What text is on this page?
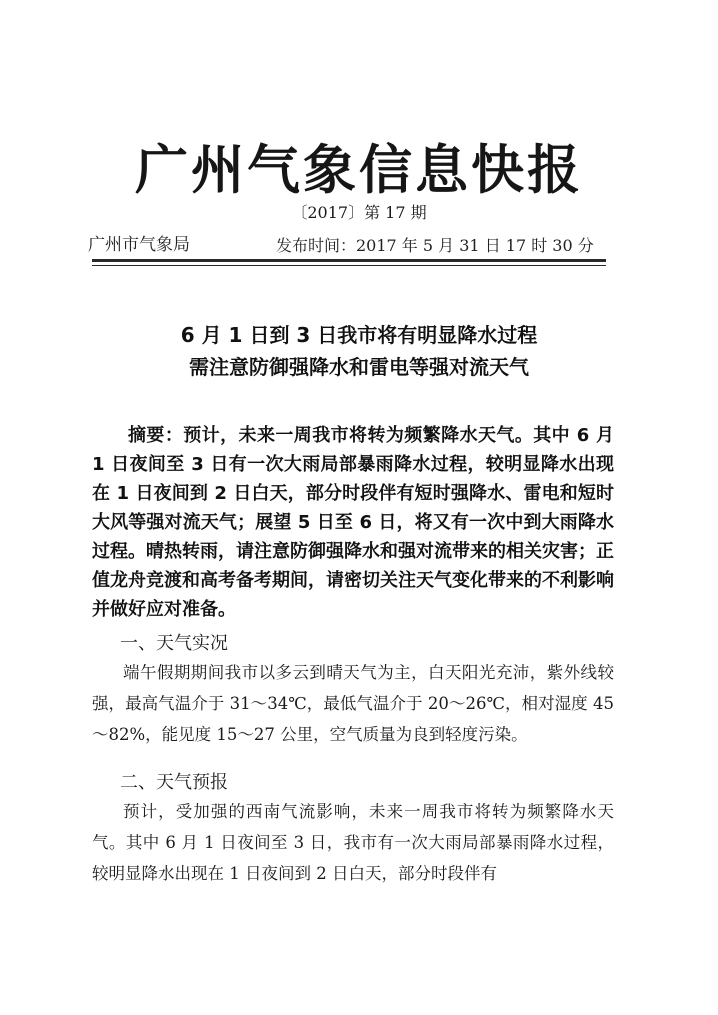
广州气象信息快报
〔2017〕第 17 期
广州市气象局	发布时间：2017 年 5 月 31 日 17 时 30 分
6 月 1 日到 3 日我市将有明显降水过程
需注意防御强降水和雷电等强对流天气
摘要：预计，未来一周我市将转为频繁降水天气。其中 6 月 1 日夜间至 3 日有一次大雨局部暴雨降水过程，较明显降水出现在 1 日夜间到 2 日白天，部分时段伴有短时强降水、雷电和短时大风等强对流天气；展望 5 日至 6 日，将又有一次中到大雨降水过程。晴热转雨，请注意防御强降水和强对流带来的相关灾害；正值龙舟竞渡和高考备考期间，请密切关注天气变化带来的不利影响并做好应对准备。
一、天气实况
端午假期期间我市以多云到晴天气为主，白天阳光充沛，紫外线较强，最高气温介于 31～34℃，最低气温介于 20～26℃，相对湿度 45～82%，能见度 15～27 公里，空气质量为良到轻度污染。
二、天气预报
预计，受加强的西南气流影响，未来一周我市将转为频繁降水天气。其中 6 月 1 日夜间至 3 日，我市有一次大雨局部暴雨降水过程，较明显降水出现在 1 日夜间到 2 日白天，部分时段伴有
